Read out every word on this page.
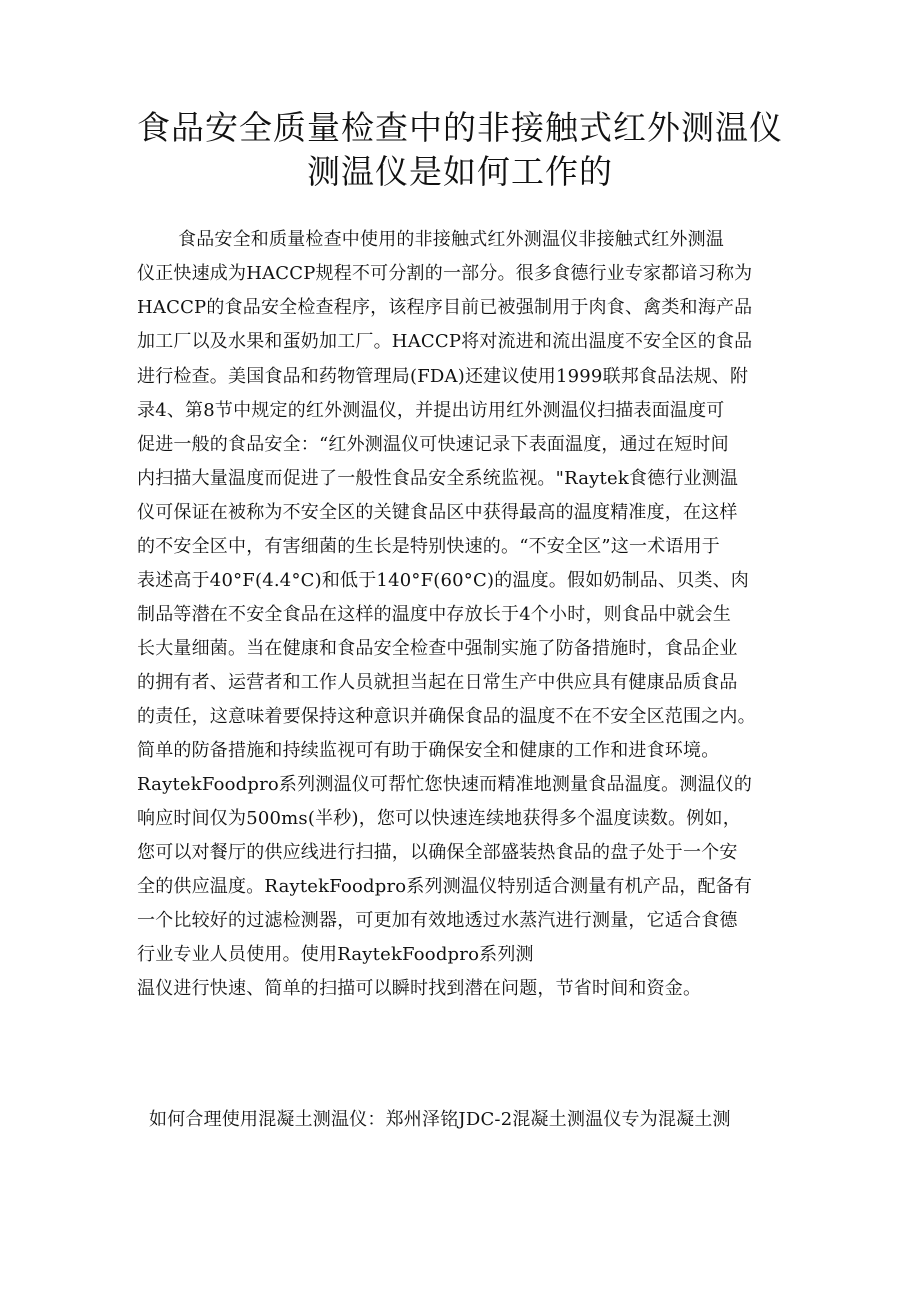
食品安全质量检查中的非接触式红外测温仪
测温仪是如何工作的
食品安全和质量检查中使用的非接触式红外测温仪非接触式红外测温
仪正快速成为HACCP规程不可分割的一部分。很多食德行业专家都谙习称为
HACCP的食品安全检查程序，该程序目前已被强制用于肉食、禽类和海产品
加工厂以及水果和蛋奶加工厂。HACCP将对流进和流出温度不安全区的食品
进行检查。美国食品和药物管理局(FDA)还建议使用1999联邦食品法规、附
录4、第8节中规定的红外测温仪，并提出访用红外测温仪扫描表面温度可
促进一般的食品安全：“红外测温仪可快速记录下表面温度，通过在短时间
内扫描大量温度而促进了一般性食品安全系统监视。"Raytek食德行业测温
仪可保证在被称为不安全区的关键食品区中获得最高的温度精准度，在这样
的不安全区中，有害细菌的生长是特别快速的。“不安全区”这一术语用于
表述高于40°F(4.4°C)和低于140°F(60°C)的温度。假如奶制品、贝类、肉
制品等潜在不安全食品在这样的温度中存放长于4个小时，则食品中就会生
长大量细菌。当在健康和食品安全检查中强制实施了防备措施时，食品企业
的拥有者、运营者和工作人员就担当起在日常生产中供应具有健康品质食品
的责任，这意味着要保持这种意识并确保食品的温度不在不安全区范围之内。
简单的防备措施和持续监视可有助于确保安全和健康的工作和进食环境。
RaytekFoodpro系列测温仪可帮忙您快速而精准地测量食品温度。测温仪的
响应时间仅为500ms(半秒)，您可以快速连续地获得多个温度读数。例如，
您可以对餐厅的供应线进行扫描，以确保全部盛装热食品的盘子处于一个安
全的供应温度。RaytekFoodpro系列测温仪特别适合测量有机产品，配备有
一个比较好的过滤检测器，可更加有效地透过水蒸汽进行测量，它适合食德
行业专业人员使用。使用RaytekFoodpro系列测
温仪进行快速、简单的扫描可以瞬时找到潜在问题，节省时间和资金。
如何合理使用混凝土测温仪：郑州泽铭JDC-2混凝土测温仪专为混凝土测
